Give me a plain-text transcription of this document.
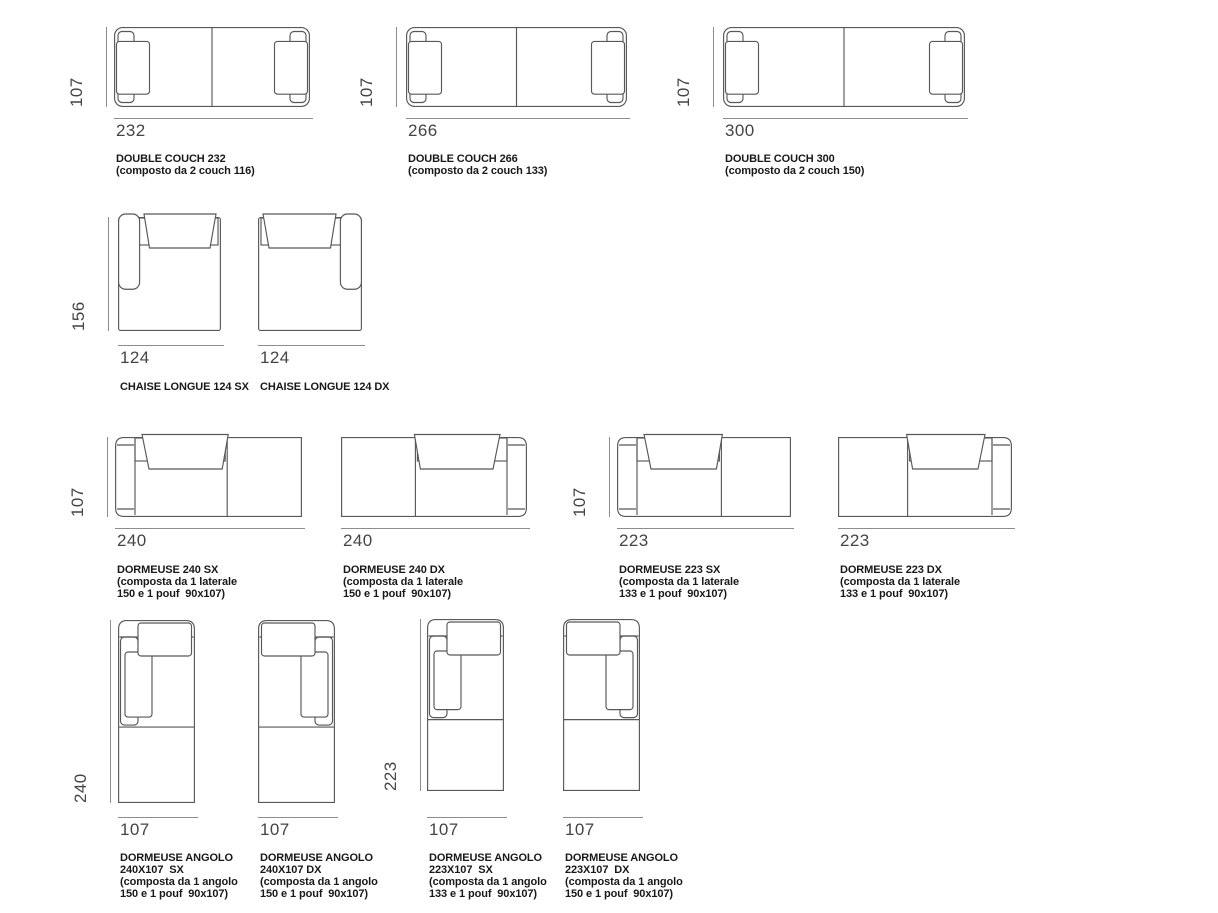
232
107
DOUBLE COUCH 232
(composto da 2 couch 116)
266
107
DOUBLE COUCH 266
(composto da 2 couch 133)
300
107
DOUBLE COUCH 300
(composto da 2 couch 150)
124
156
CHAISE LONGUE 124 SX
124
CHAISE LONGUE 124 DX
240
107
DORMEUSE 240 SX
(composta da 1 laterale
150 e 1 pouf  90x107)
240
DORMEUSE 240 DX
(composta da 1 laterale
150 e 1 pouf  90x107)
223
107
DORMEUSE 223 SX
(composta da 1 laterale
133 e 1 pouf  90x107)
223
DORMEUSE 223 DX
(composta da 1 laterale
133 e 1 pouf  90x107)
107
240
DORMEUSE ANGOLO
240X107  SX
(composta da 1 angolo
150 e 1 pouf  90x107)
107
DORMEUSE ANGOLO
240X107 DX
(composta da 1 angolo
150 e 1 pouf  90x107)
107
223
DORMEUSE ANGOLO
223X107  SX
(composta da 1 angolo
133 e 1 pouf  90x107)
107
DORMEUSE ANGOLO
223X107  DX
(composta da 1 angolo
150 e 1 pouf  90x107)
